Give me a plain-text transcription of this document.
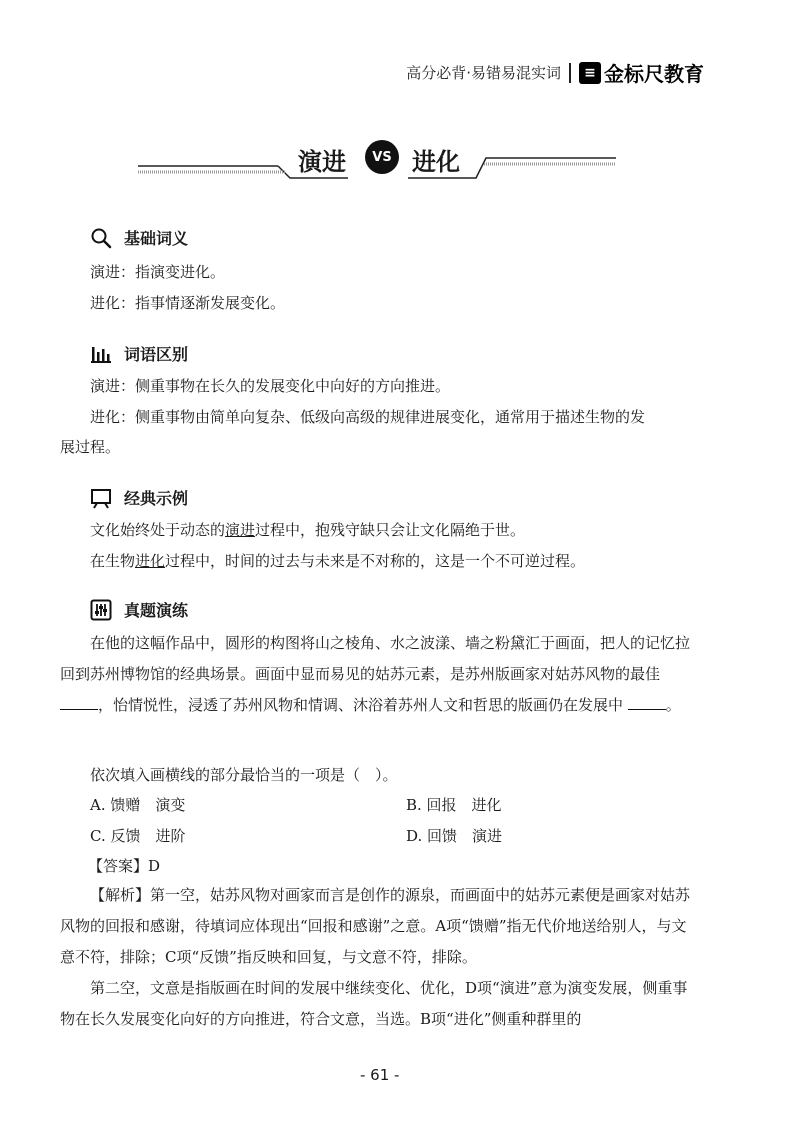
高分必背·易错易混实词	≡ 金标尺教育
演进	VS 进化
基础词义
演进：指演变进化。
进化：指事情逐渐发展变化。
词语区别
演进：侧重事物在长久的发展变化中向好的方向推进。
进化：侧重事物由简单向复杂、低级向高级的规律进展变化，通常用于描述生物的发
展过程。
经典示例
文化始终处于动态的演进过程中，抱残守缺只会让文化隔绝于世。
在生物进化过程中，时间的过去与未来是不对称的，这是一个不可逆过程。
真题演练
在他的这幅作品中，圆形的构图将山之棱角、水之波漾、墙之粉黛汇于画面，把人的记忆拉回到苏州博物馆的经典场景。画面中显而易见的姑苏元素，是苏州版画家对姑苏风物的最佳 ，怡情悦性，浸透了苏州风物和情调、沐浴着苏州人文和哲思的版画仍在发展中	。
依次填入画横线的部分最恰当的一项是（　）。
A. 馈赠　演变	B. 回报　进化
C. 反馈　进阶	D. 回馈　演进
【答案】D
【解析】第一空，姑苏风物对画家而言是创作的源泉，而画面中的姑苏元素便是画家对姑苏风物的回报和感谢，待填词应体现出“回报和感谢”之意。A项“馈赠”指无代价地送给别人，与文意不符，排除；C项“反馈”指反映和回复，与文意不符，排除。
第二空，文意是指版画在时间的发展中继续变化、优化，D项“演进”意为演变发展，侧重事物在长久发展变化向好的方向推进，符合文意，当选。B项“进化”侧重种群里的
- 61 -
